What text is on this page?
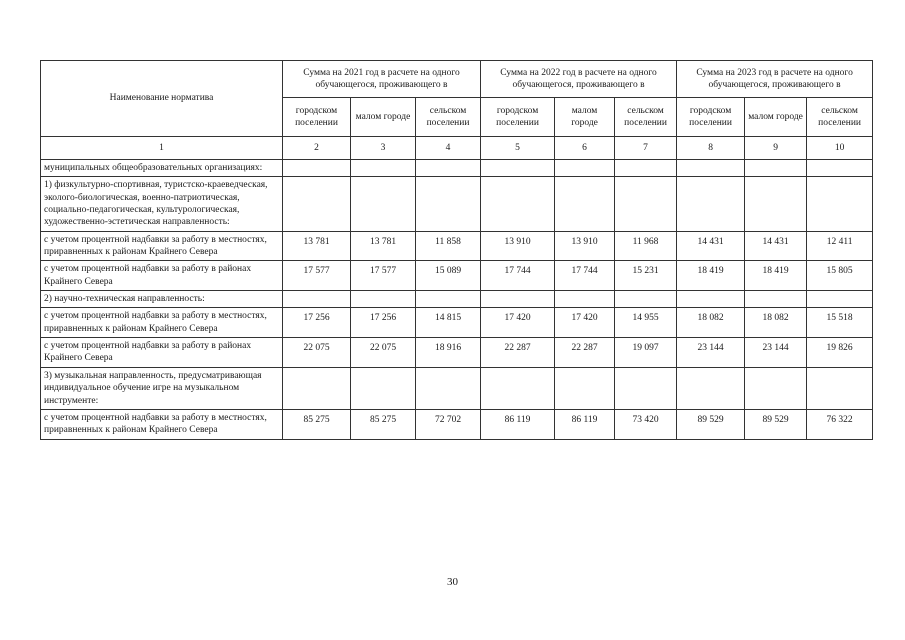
Наименование норматива	Сумма на 2021 год в расчете на одного обучающегося, проживающего в			Сумма на 2022 год в расчете на одного обучающегося, проживающего в			Сумма на 2023 год в расчете на одного обучающегося, проживающего в		
	городском поселении	малом городе	сельском поселении	городском поселении	малом городе	сельском поселении	городском поселении	малом городе	сельском поселении
1	2	3	4	5	6	7	8	9	10
муниципальных общеобразовательных организациях:									
1) физкультурно-спортивная, туристско-краеведческая, эколого-биологическая, военно-патриотическая, социально-педагогическая, культурологическая, художественно-эстетическая направленность:									
с учетом процентной надбавки за работу в местностях, приравненных к районам Крайнего Севера	13 781	13 781	11 858	13 910	13 910	11 968	14 431	14 431	12 411
с учетом процентной надбавки за работу в районах Крайнего Севера	17 577	17 577	15 089	17 744	17 744	15 231	18 419	18 419	15 805
2) научно-техническая направленность:									
с учетом процентной надбавки за работу в местностях, приравненных к районам Крайнего Севера	17 256	17 256	14 815	17 420	17 420	14 955	18 082	18 082	15 518
с учетом процентной надбавки за работу в районах Крайнего Севера	22 075	22 075	18 916	22 287	22 287	19 097	23 144	23 144	19 826
3) музыкальная направленность, предусматривающая индивидуальное обучение игре на музыкальном инструменте:									
с учетом процентной надбавки за работу в местностях, приравненных к районам Крайнего Севера	85 275	85 275	72 702	86 119	86 119	73 420	89 529	89 529	76 322
30
